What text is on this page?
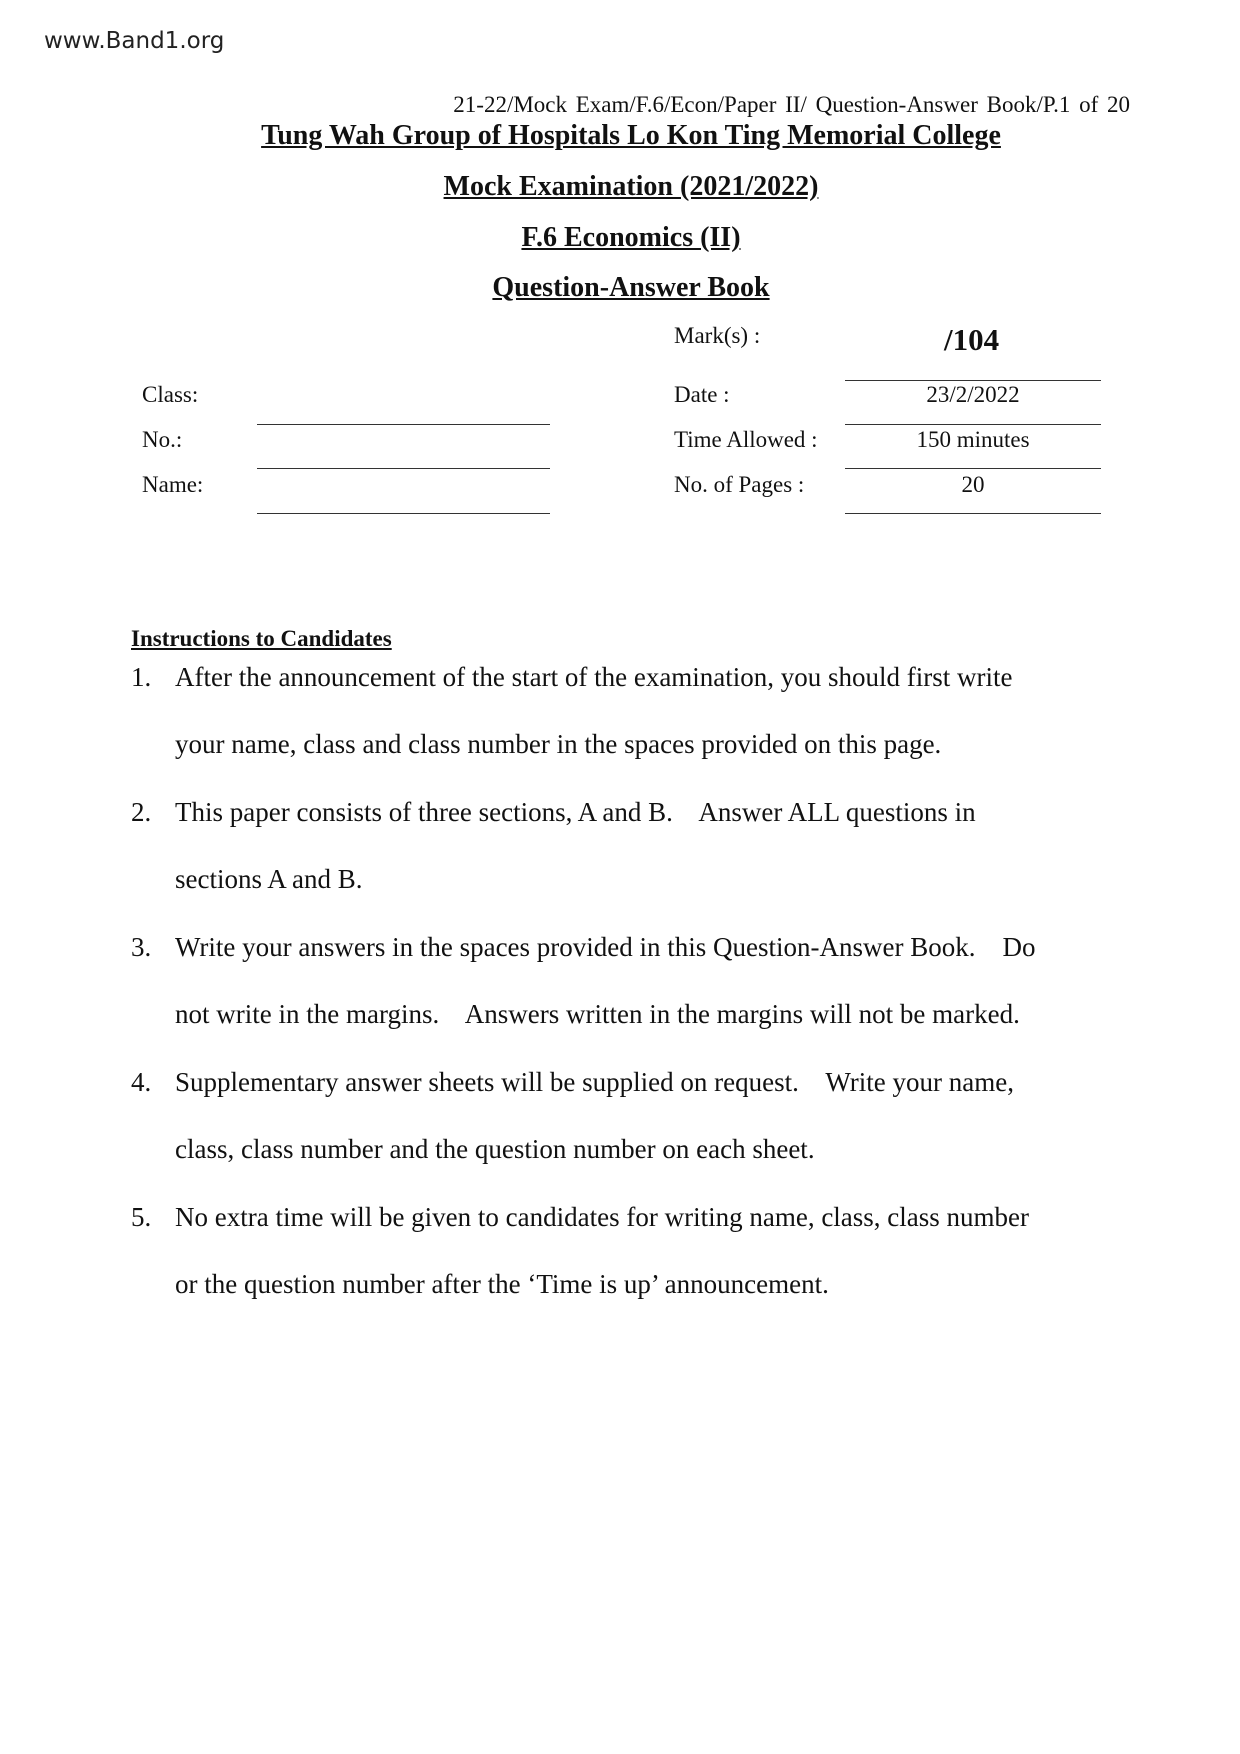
www.Band1.org
21-22/Mock Exam/F.6/Econ/Paper II/ Question-Answer Book/P.1 of 20
Tung Wah Group of Hospitals Lo Kon Ting Memorial College
Mock Examination (2021/2022)
F.6 Economics (II)
Question-Answer Book
Mark(s) :	/104
Class:
No.:
Name:
Date :
Time Allowed :
No. of Pages :
23/2/2022
150 minutes
20
Instructions to Candidates
1. After the announcement of the start of the examination, you should first write
your name, class and class number in the spaces provided on this page.
2. This paper consists of three sections, A and B.    Answer ALL questions in
sections A and B.
3. Write your answers in the spaces provided in this Question-Answer Book.    Do
not write in the margins.    Answers written in the margins will not be marked.
4. Supplementary answer sheets will be supplied on request.    Write your name,
class, class number and the question number on each sheet.
5. No extra time will be given to candidates for writing name, class, class number
or the question number after the ‘Time is up’ announcement.
